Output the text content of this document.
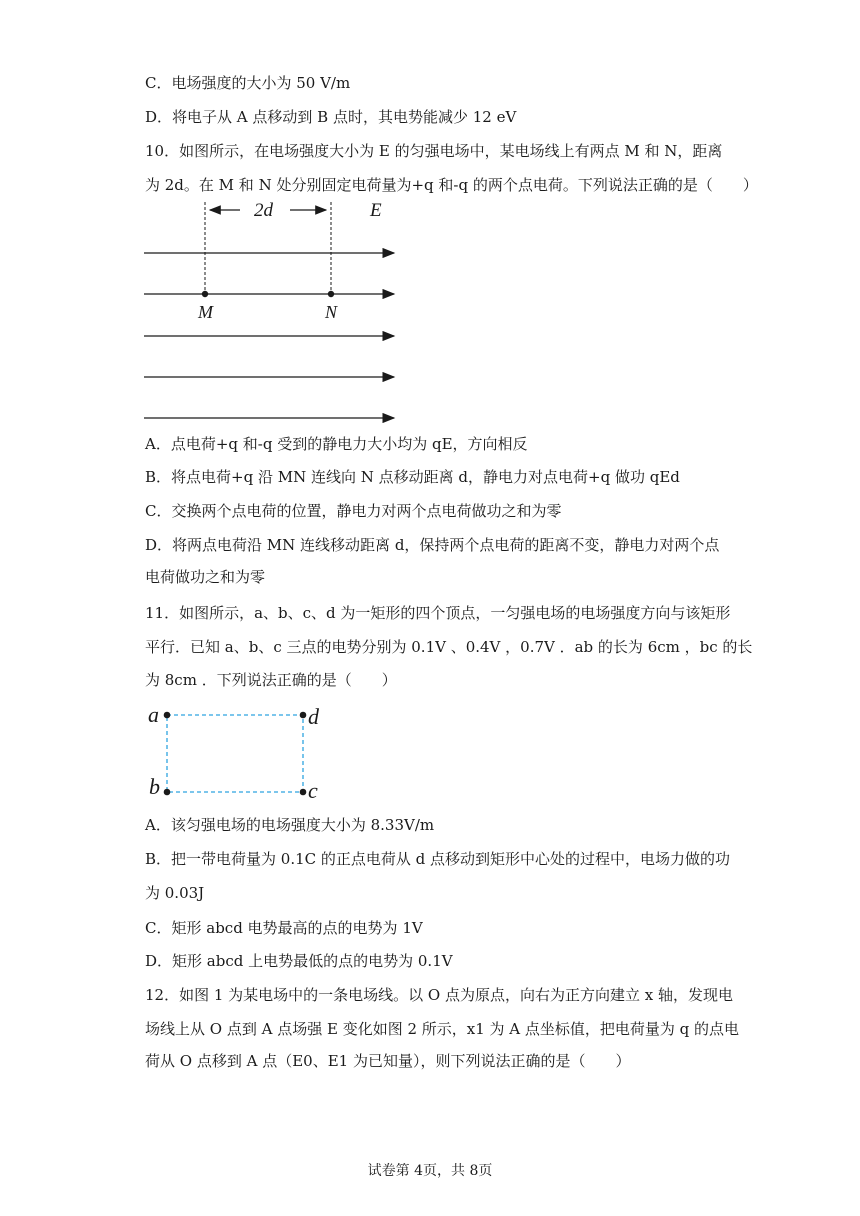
C．电场强度的大小为 50 V/m
D．将电子从 A 点移动到 B 点时，其电势能减少 12 eV
10．如图所示，在电场强度大小为 E 的匀强电场中，某电场线上有两点 M 和 N，距离
为 2d。在 M 和 N 处分别固定电荷量为+q 和-q 的两个点电荷。下列说法正确的是（　　）
2d	E
M	N
A．点电荷+q 和-q 受到的静电力大小均为 qE，方向相反
B．将点电荷+q 沿 MN 连线向 N 点移动距离 d，静电力对点电荷+q 做功 qEd
C．交换两个点电荷的位置，静电力对两个点电荷做功之和为零
D．将两点电荷沿 MN 连线移动距离 d，保持两个点电荷的距离不变，静电力对两个点
电荷做功之和为零
11．如图所示，a、b、c、d 为一矩形的四个顶点，一匀强电场的电场强度方向与该矩形
平行．已知 a、b、c 三点的电势分别为 0.1V 、0.4V ，0.7V ．ab 的长为 6cm ，bc 的长
为 8cm ．下列说法正确的是（　　）
a	d
b	c
A．该匀强电场的电场强度大小为 8.33V/m
B．把一带电荷量为 0.1C 的正点电荷从 d 点移动到矩形中心处的过程中，电场力做的功
为 0.03J
C．矩形 abcd 电势最高的点的电势为 1V
D．矩形 abcd 上电势最低的点的电势为 0.1V
12．如图 1 为某电场中的一条电场线。以 O 点为原点，向右为正方向建立 x 轴，发现电
场线上从 O 点到 A 点场强 E 变化如图 2 所示，x1 为 A 点坐标值，把电荷量为 q 的点电
荷从 O 点移到 A 点（E0、E1 为已知量），则下列说法正确的是（　　）
试卷第 4页，共 8页
